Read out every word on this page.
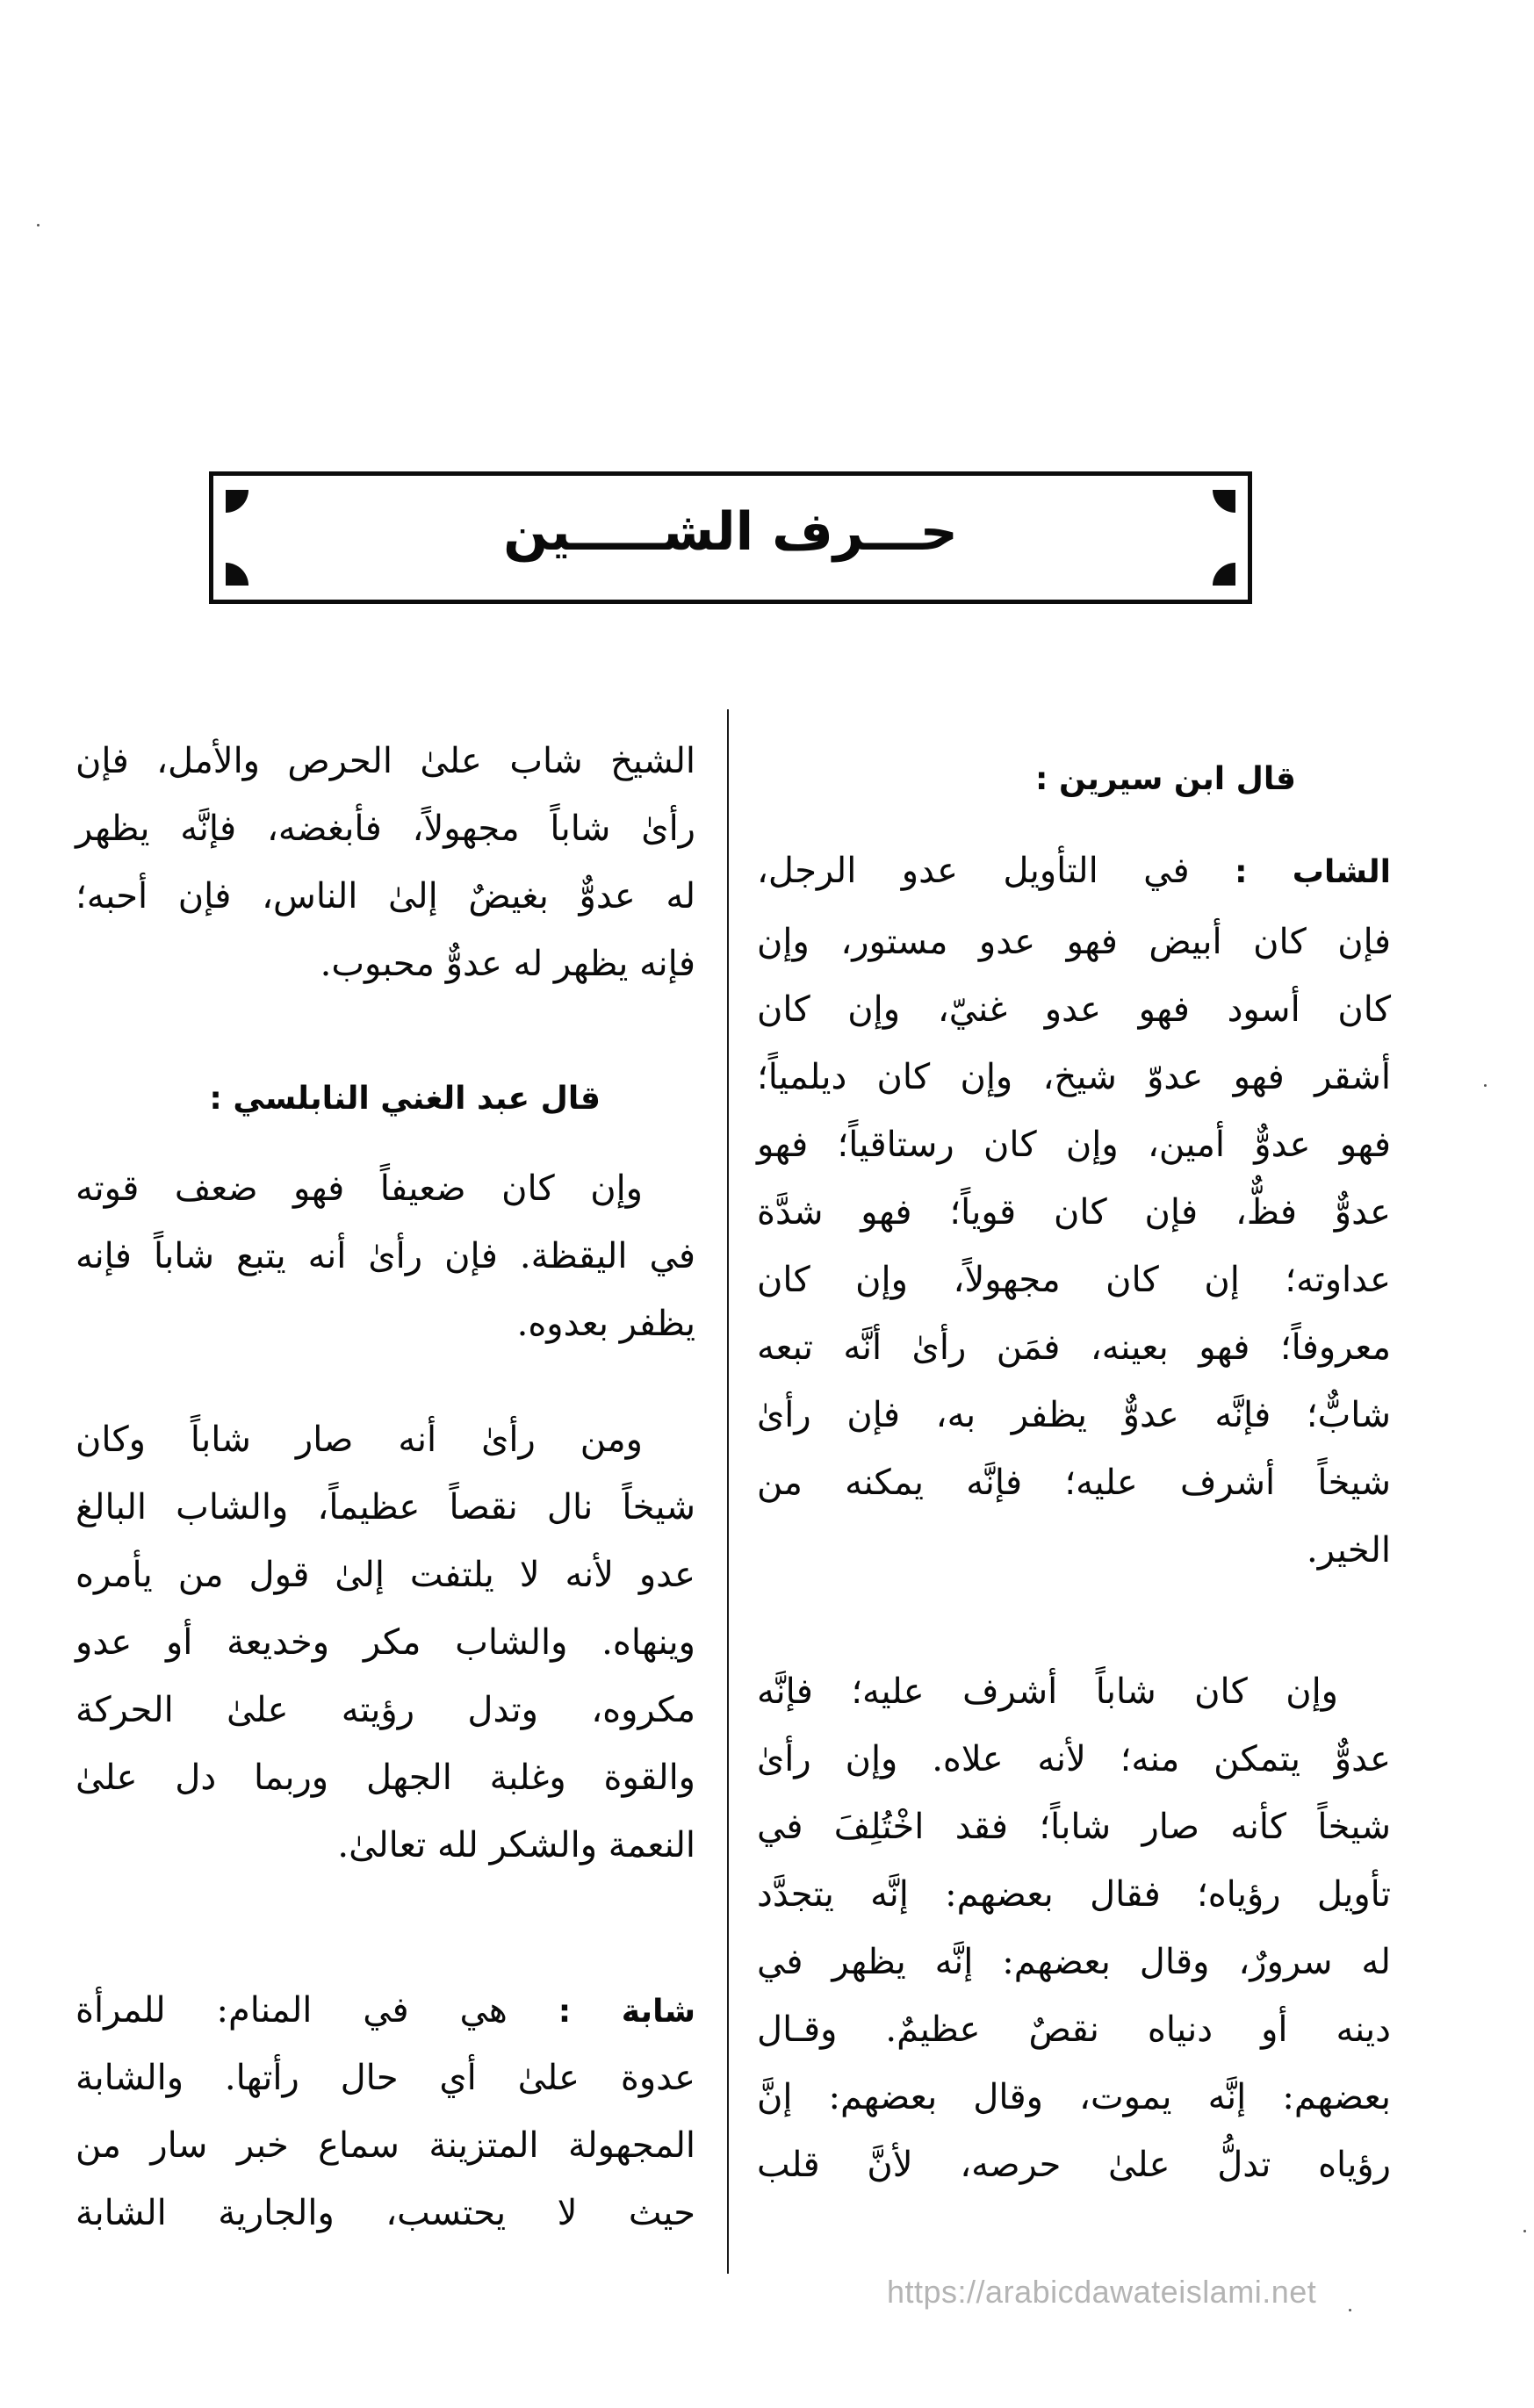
حـــرف الشـــــين
قال ابن سيرين :
الشاب : في التأويل عدو الرجل،
فإن كان أبيض فهو عدو مستور، وإن
كان أسود فهو عدو غنيّ، وإن كان
أشقر فهو عدوّ شيخ، وإن كان ديلمياً؛
فهو عدوٌّ أمين، وإن كان رستاقياً؛ فهو
عدوٌّ فظٌّ، فإن كان قوياً؛ فهو شدَّة
عداوته؛ إن كان مجهولاً، وإن كان
معروفاً؛ فهو بعينه، فمَن رأىٰ أنَّه تبعه
شابٌّ؛ فإنَّه عدوٌّ يظفر به، فإن رأىٰ
شيخاً أشرف عليه؛ فإنَّه يمكنه من
الخير.
وإن كان شاباً أشرف عليه؛ فإنَّه
عدوٌّ يتمكن منه؛ لأنه علاه. وإن رأىٰ
شيخاً كأنه صار شاباً؛ فقد اخْتُلِفَ في
تأويل رؤياه؛ فقال بعضهم: إنَّه يتجدَّد
له سرورٌ، وقال بعضهم: إنَّه يظهر في
دينه أو دنياه نقصٌ عظيمٌ. وقـال
بعضهم: إنَّه يموت، وقال بعضهم: إنَّ
رؤياه تدلُّ علىٰ حرصه، لأنَّ قلب
الشيخ شاب علىٰ الحرص والأمل، فإن
رأىٰ شاباً مجهولاً، فأبغضه، فإنَّه يظهر
له عدوٌّ بغيضٌ إلىٰ الناس، فإن أحبه؛
فإنه يظهر له عدوٌّ محبوب.
قال عبد الغني النابلسي :
وإن كان ضعيفاً فهو ضعف قوته
في اليقظة. فإن رأىٰ أنه يتبع شاباً فإنه
يظفر بعدوه.
ومن رأىٰ أنه صار شاباً وكان
شيخاً نال نقصاً عظيماً، والشاب البالغ
عدو لأنه لا يلتفت إلىٰ قول من يأمره
وينهاه. والشاب مكر وخديعة أو عدو
مكروه، وتدل رؤيته علىٰ الحركة
والقوة وغلبة الجهل وربما دل علىٰ
النعمة والشكر لله تعالىٰ.
شابة : هي في المنام: للمرأة
عدوة علىٰ أي حال رأتها. والشابة
المجهولة المتزينة سماع خبر سار من
حيث لا يحتسب، والجارية الشابة
https://arabicdawateislami.net
